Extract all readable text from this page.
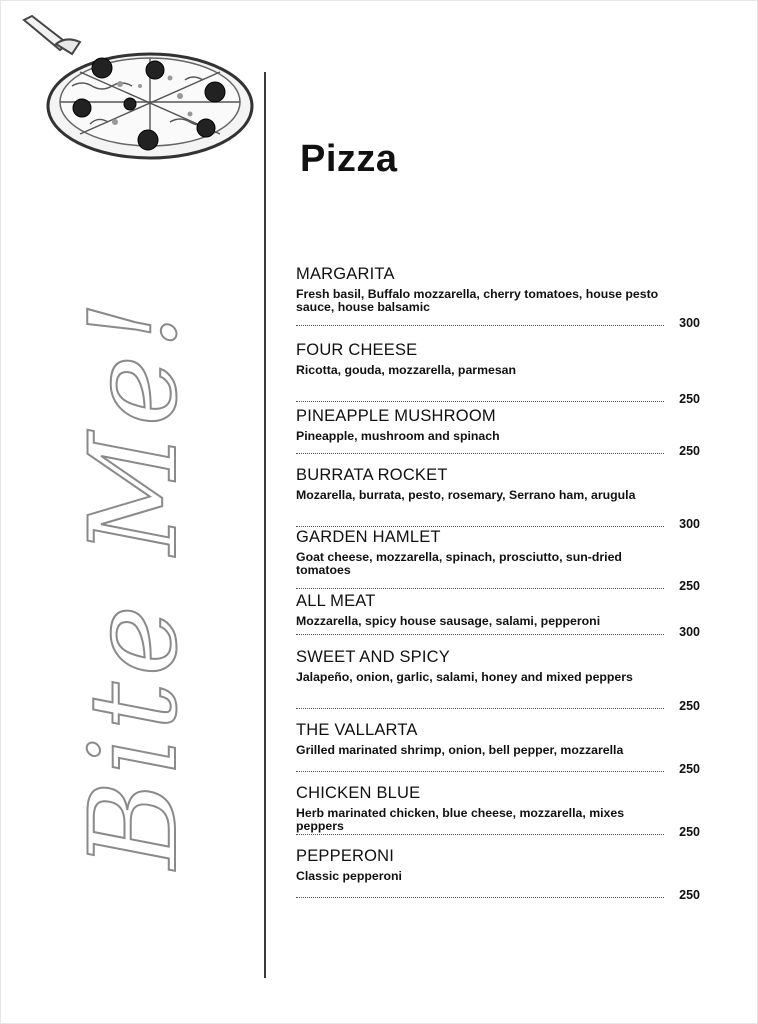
Bite Me!
Pizza
MARGARITA
Fresh basil, Buffalo mozzarella, cherry tomatoes, house pesto sauce, house balsamic
300
FOUR CHEESE
Ricotta, gouda, mozzarella, parmesan
250
PINEAPPLE MUSHROOM
Pineapple, mushroom and spinach
250
BURRATA ROCKET
Mozarella, burrata, pesto, rosemary, Serrano ham, arugula
300
GARDEN HAMLET
Goat cheese, mozzarella, spinach, prosciutto, sun-dried tomatoes
250
ALL MEAT
Mozzarella, spicy house sausage, salami, pepperoni
300
SWEET AND SPICY
Jalapeño, onion, garlic, salami, honey and mixed peppers
250
THE VALLARTA
Grilled marinated shrimp, onion, bell pepper, mozzarella
250
CHICKEN BLUE
Herb marinated chicken, blue cheese, mozzarella, mixes peppers	250
PEPPERONI
Classic pepperoni
250
